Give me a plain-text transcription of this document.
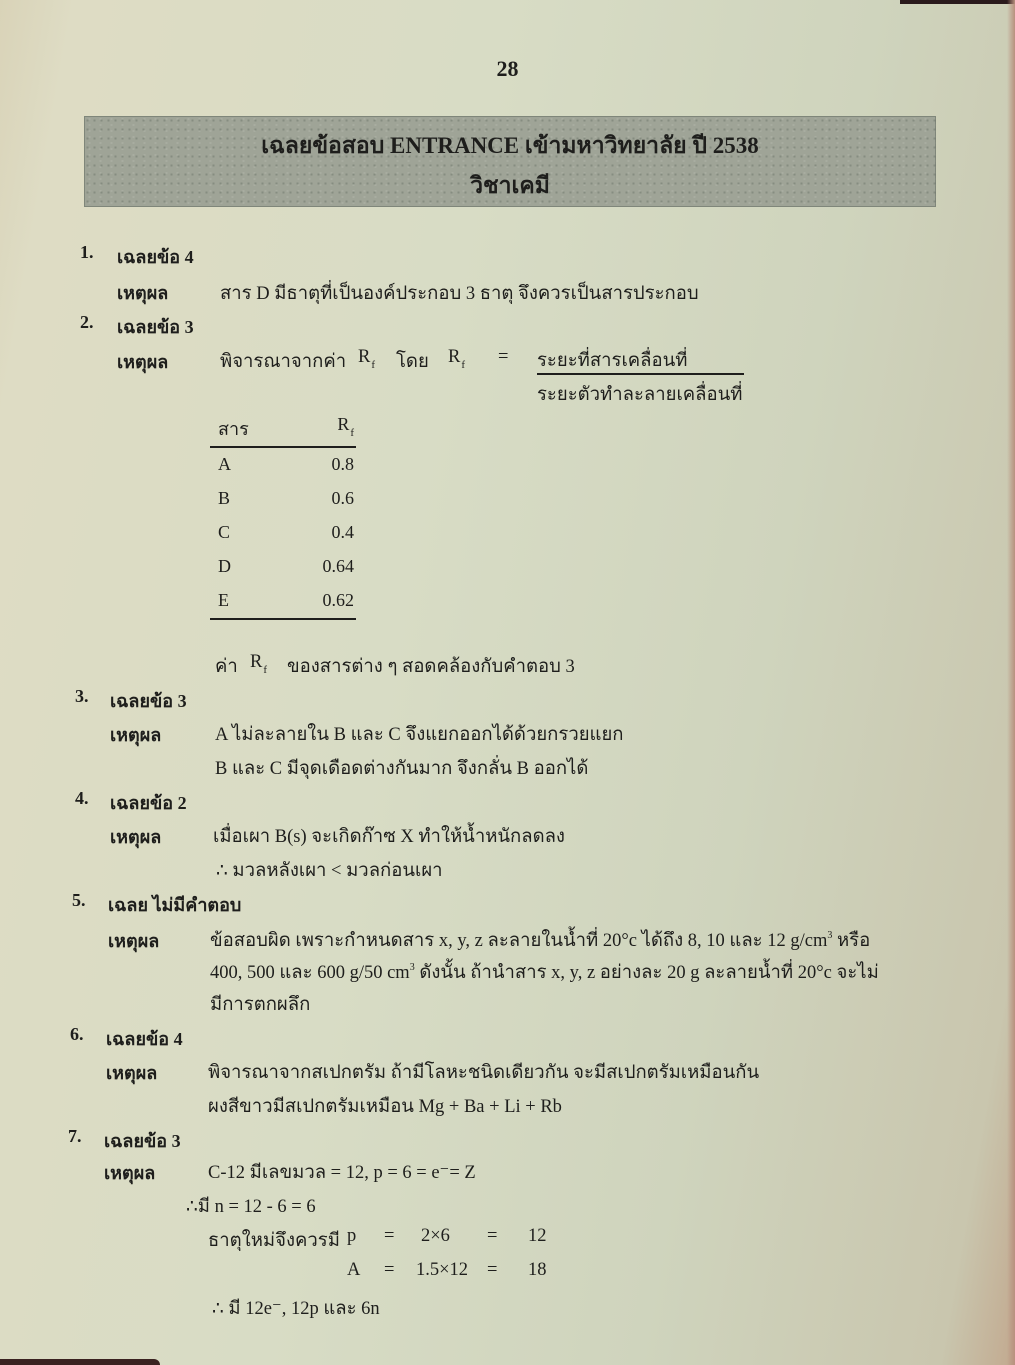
28
เฉลยข้อสอบ ENTRANCE เข้ามหาวิทยาลัย ปี 2538
วิชาเคมี
1. เฉลยข้อ 4
เหตุผล	สาร D มีธาตุที่เป็นองค์ประกอบ 3 ธาตุ จึงควรเป็นสารประกอบ
2. เฉลยข้อ 3
เหตุผล	พิจารณาจากค่า $R_f$ โดย $R_f$ = ระยะที่สารเคลื่อนที่
ระยะตัวทำละลายเคลื่อนที่
สาร	$R_f$
A	0.8
B	0.6
C	0.4
D	0.64
E	0.62
ค่า $R_f$ ของสารต่าง ๆ สอดคล้องกับคำตอบ 3
3. เฉลยข้อ 3
เหตุผล	A ไม่ละลายใน B และ C จึงแยกออกได้ด้วยกรวยแยก
B และ C มีจุดเดือดต่างกันมาก จึงกลั่น B ออกได้
4. เฉลยข้อ 2
เหตุผล	เมื่อเผา B(s) จะเกิดก๊าซ X ทำให้น้ำหนักลดลง
∴ มวลหลังเผา < มวลก่อนเผา
5. เฉลย ไม่มีคำตอบ
เหตุผล	ข้อสอบผิด เพราะกำหนดสาร x, y, z ละลายในน้ำที่ 20°c ได้ถึง 8, 10 และ 12 $g/cm^3$ หรือ
400, 500 และ 600 g/50 $cm^3$ ดังนั้น ถ้านำสาร x, y, z อย่างละ 20 g ละลายน้ำที่ 20°c จะไม่
มีการตกผลึก
6. เฉลยข้อ 4
เหตุผล	พิจารณาจากสเปกตรัม ถ้ามีโลหะชนิดเดียวกัน จะมีสเปกตรัมเหมือนกัน
ผงสีขาวมีสเปกตรัมเหมือน Mg + Ba + Li + Rb
7. เฉลยข้อ 3
เหตุผล	C-12 มีเลขมวล = 12, p = 6 = e⁻= Z
∴มี n = 12 - 6 = 6
ธาตุใหม่จึงควรมี p = 2×6 = 12
A = 1.5×12 = 18
∴ มี 12e⁻, 12p และ 6n
